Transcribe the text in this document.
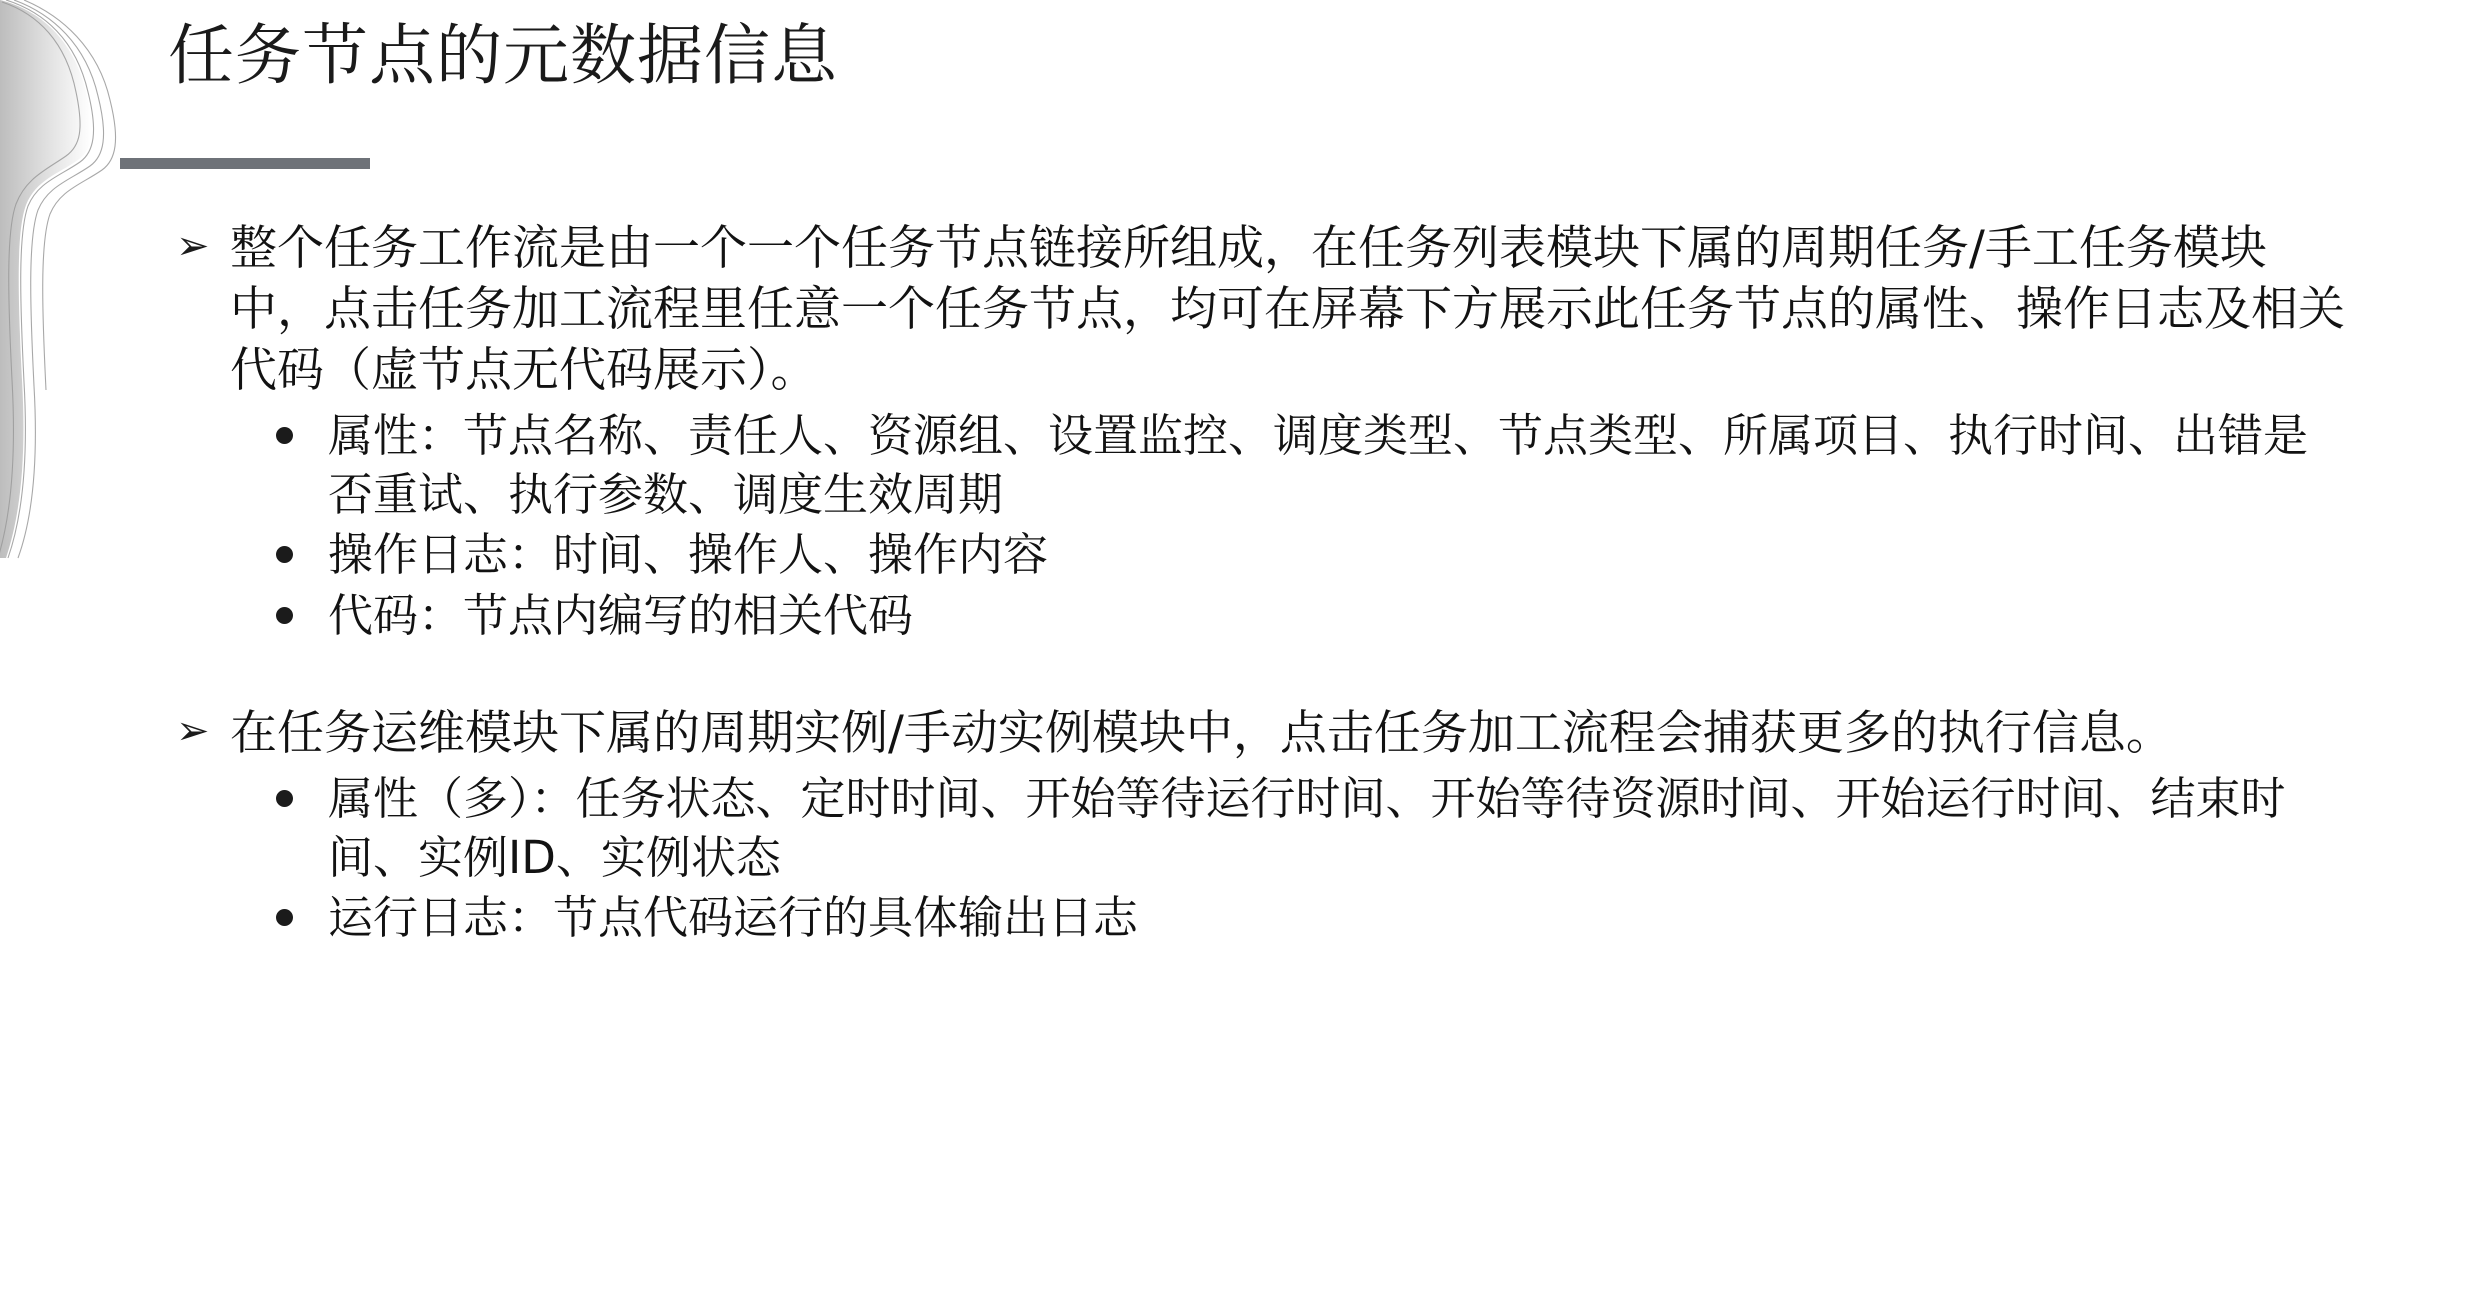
任务节点的元数据信息
➢ 整个任务工作流是由一个一个任务节点链接所组成，在任务列表模块下属的周期任务/手工任务模块中，点击任务加工流程里任意一个任务节点，均可在屏幕下方展示此任务节点的属性、操作日志及相关代码（虚节点无代码展示）。
属性：节点名称、责任人、资源组、设置监控、调度类型、节点类型、所属项目、执行时间、出错是否重试、执行参数、调度生效周期
操作日志：时间、操作人、操作内容
代码：节点内编写的相关代码
➢ 在任务运维模块下属的周期实例/手动实例模块中，点击任务加工流程会捕获更多的执行信息。
属性（多）：任务状态、定时时间、开始等待运行时间、开始等待资源时间、开始运行时间、结束时间、实例ID、实例状态
运行日志：节点代码运行的具体输出日志
